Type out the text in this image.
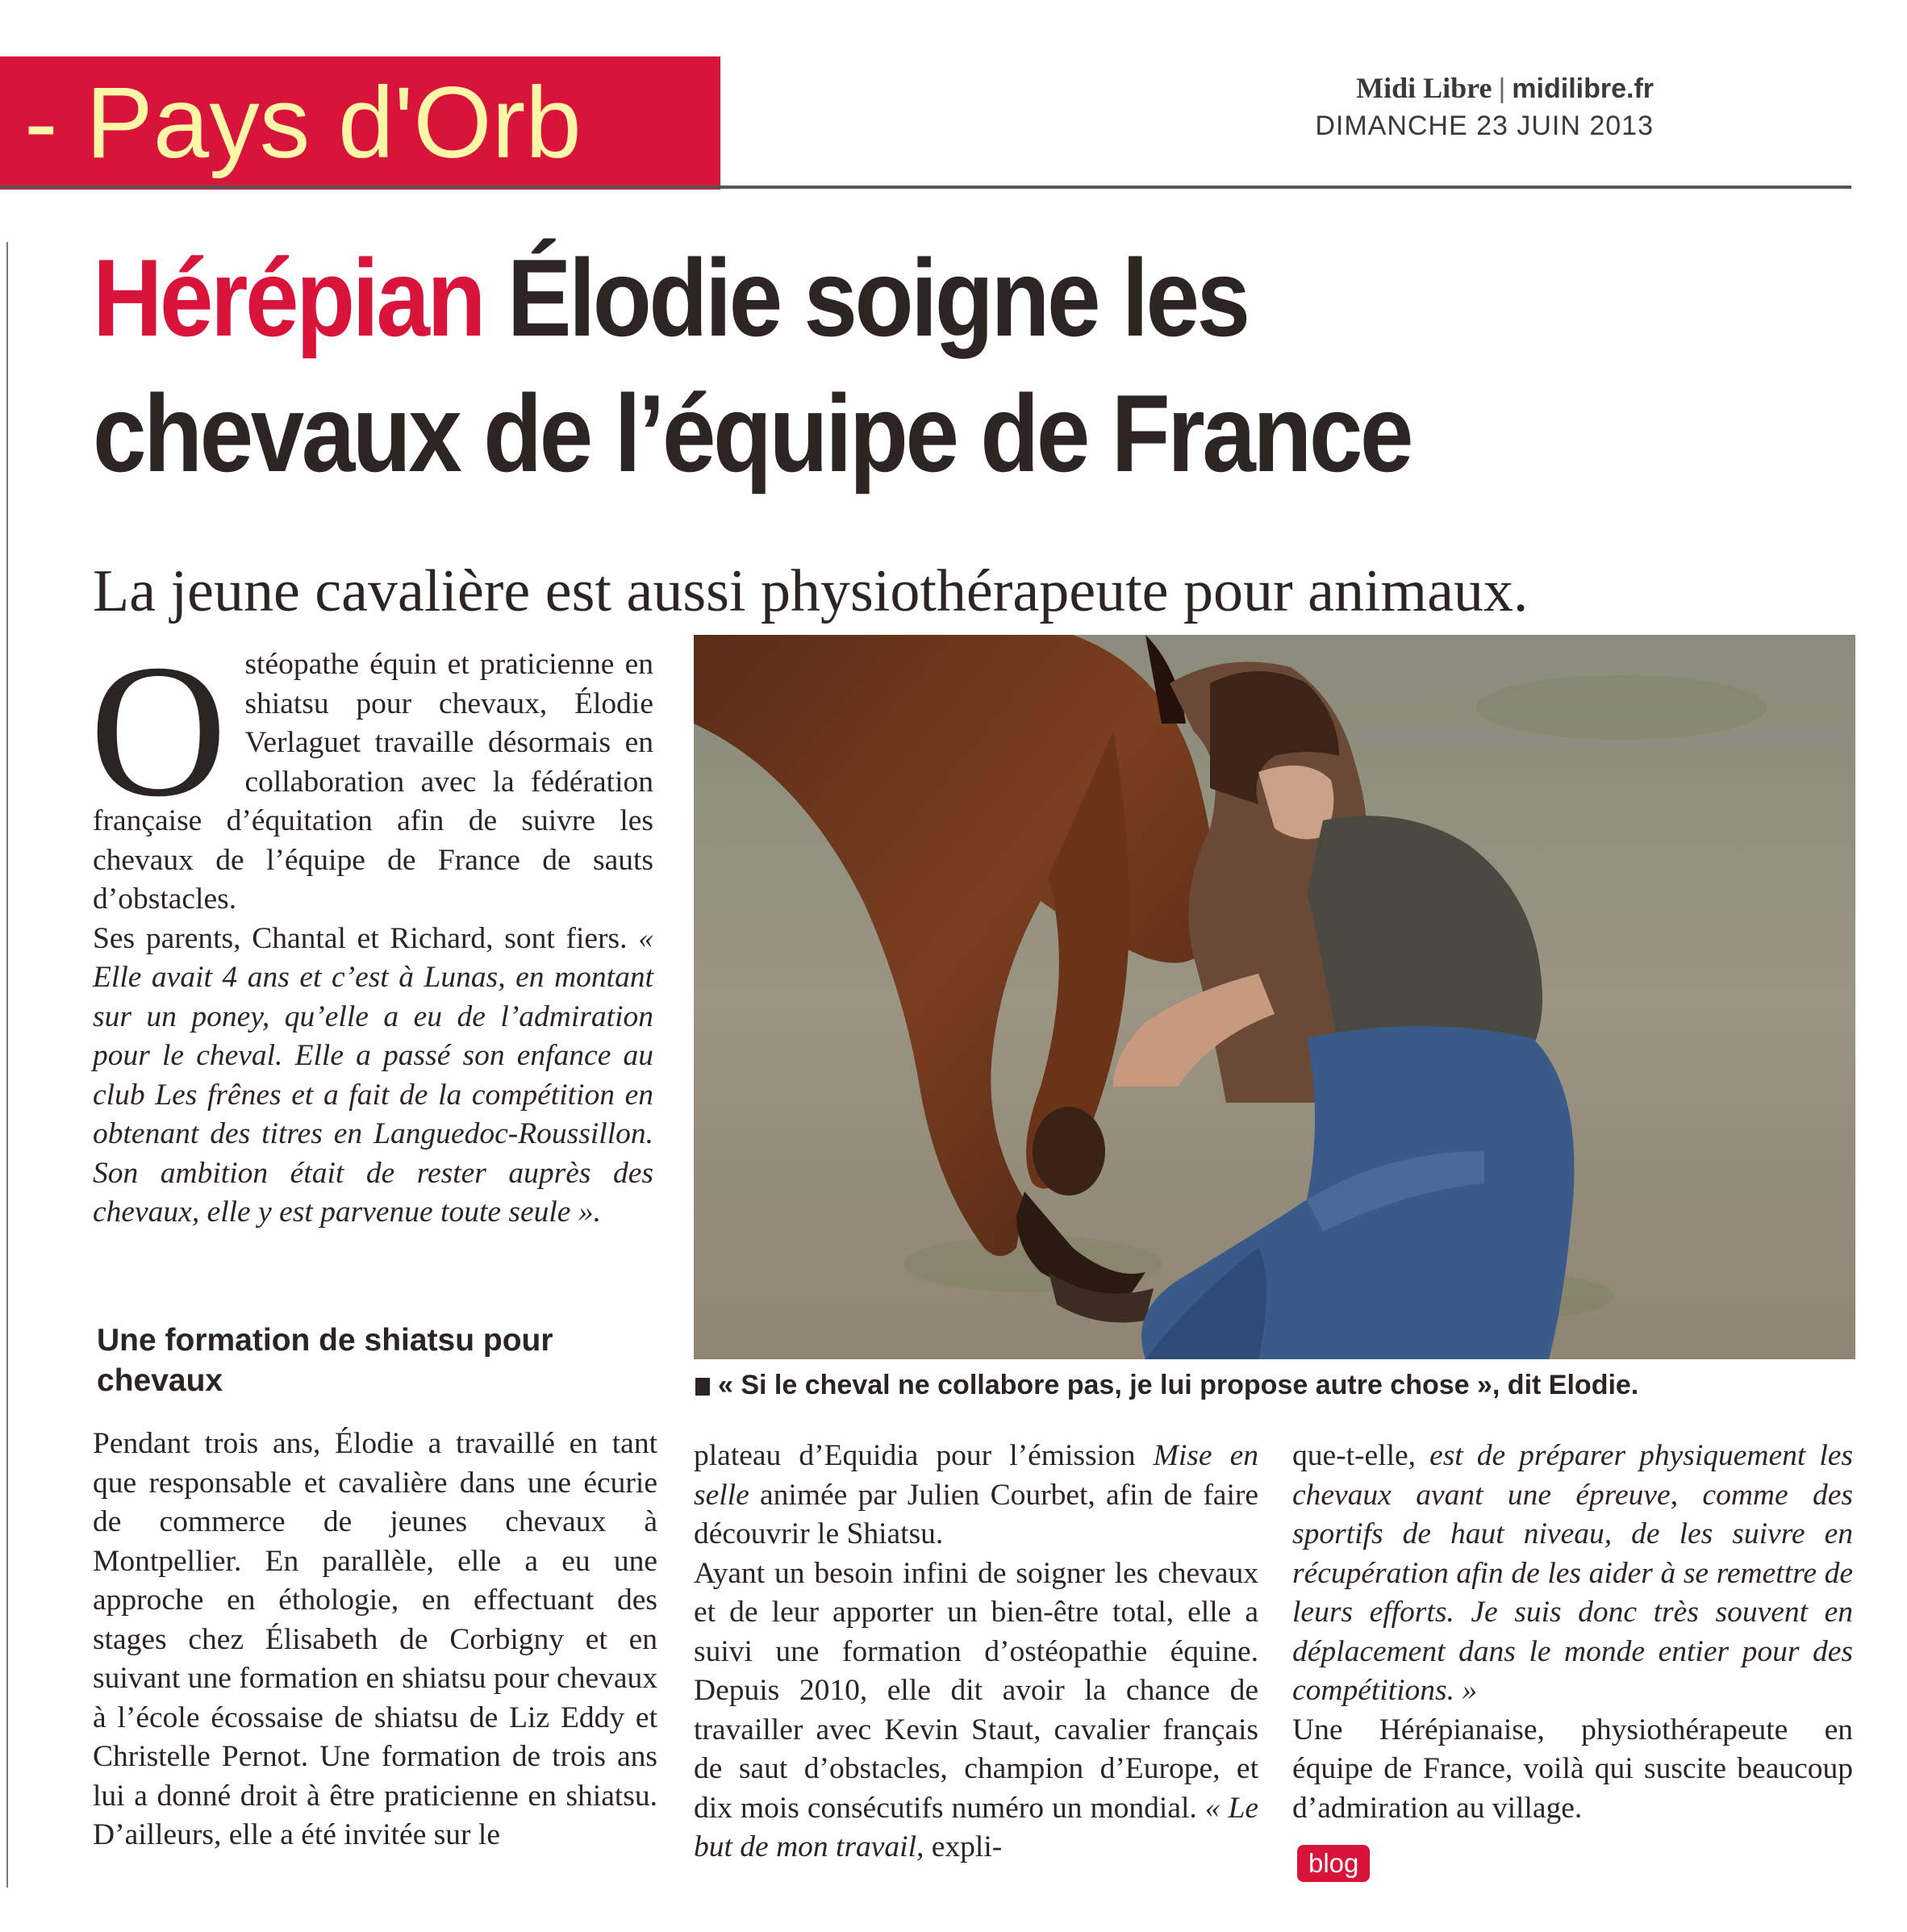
- Pays d'Orb	Midi Libre | midilibre.fr
DIMANCHE 23 JUIN 2013
Hérépian Élodie soigne les
chevaux de l’équipe de France
La jeune cavalière est aussi physiothérapeute pour animaux.

Ostéopathe équin et praticienne en shiatsu pour chevaux, Élodie Verlaguet travaille désormais en collaboration avec la fédération française d’équitation afin de suivre les chevaux de l’équipe de France de sauts d’obstacles.

Ses parents, Chantal et Richard, sont fiers. « Elle avait 4 ans et c’est à Lunas, en montant sur un poney, qu’elle a eu de l’admiration pour le cheval. Elle a passé son enfance au club Les frênes et a fait de la compétition en obtenant des titres en Languedoc-Roussillon. Son ambition était de rester auprès des chevaux, elle y est parvenue toute seule ».

Une formation de shiatsu pour chevaux

Pendant trois ans, Élodie a travaillé en tant que responsable et cavalière dans une écurie de commerce de jeunes chevaux à Montpellier. En parallèle, elle a eu une approche en éthologie, en effectuant des stages chez Élisabeth de Corbigny et en suivant une formation en shiatsu pour chevaux à l’école écossaise de shiatsu de Liz Eddy et Christelle Pernot. Une formation de trois ans lui a donné droit à être praticienne en shiatsu. D’ailleurs, elle a été invitée sur le

« Si le cheval ne collabore pas, je lui propose autre chose », dit Elodie.

plateau d’Equidia pour l’émission Mise en selle animée par Julien Courbet, afin de faire découvrir le Shiatsu.

Ayant un besoin infini de soigner les chevaux et de leur apporter un bien-être total, elle a suivi une formation d’ostéopathie équine. Depuis 2010, elle dit avoir la chance de travailler avec Kevin Staut, cavalier français de saut d’obstacles, champion d’Europe, et dix mois consécutifs numéro un mondial. « Le but de mon travail, expli-

que-t-elle, est de préparer physiquement les chevaux avant une épreuve, comme des sportifs de haut niveau, de les suivre en récupération afin de les aider à se remettre de leurs efforts. Je suis donc très souvent en déplacement dans le monde entier pour des compétitions. »

Une Hérépianaise, physiothérapeute en équipe de France, voilà qui suscite beaucoup d’admiration au village.

blog
